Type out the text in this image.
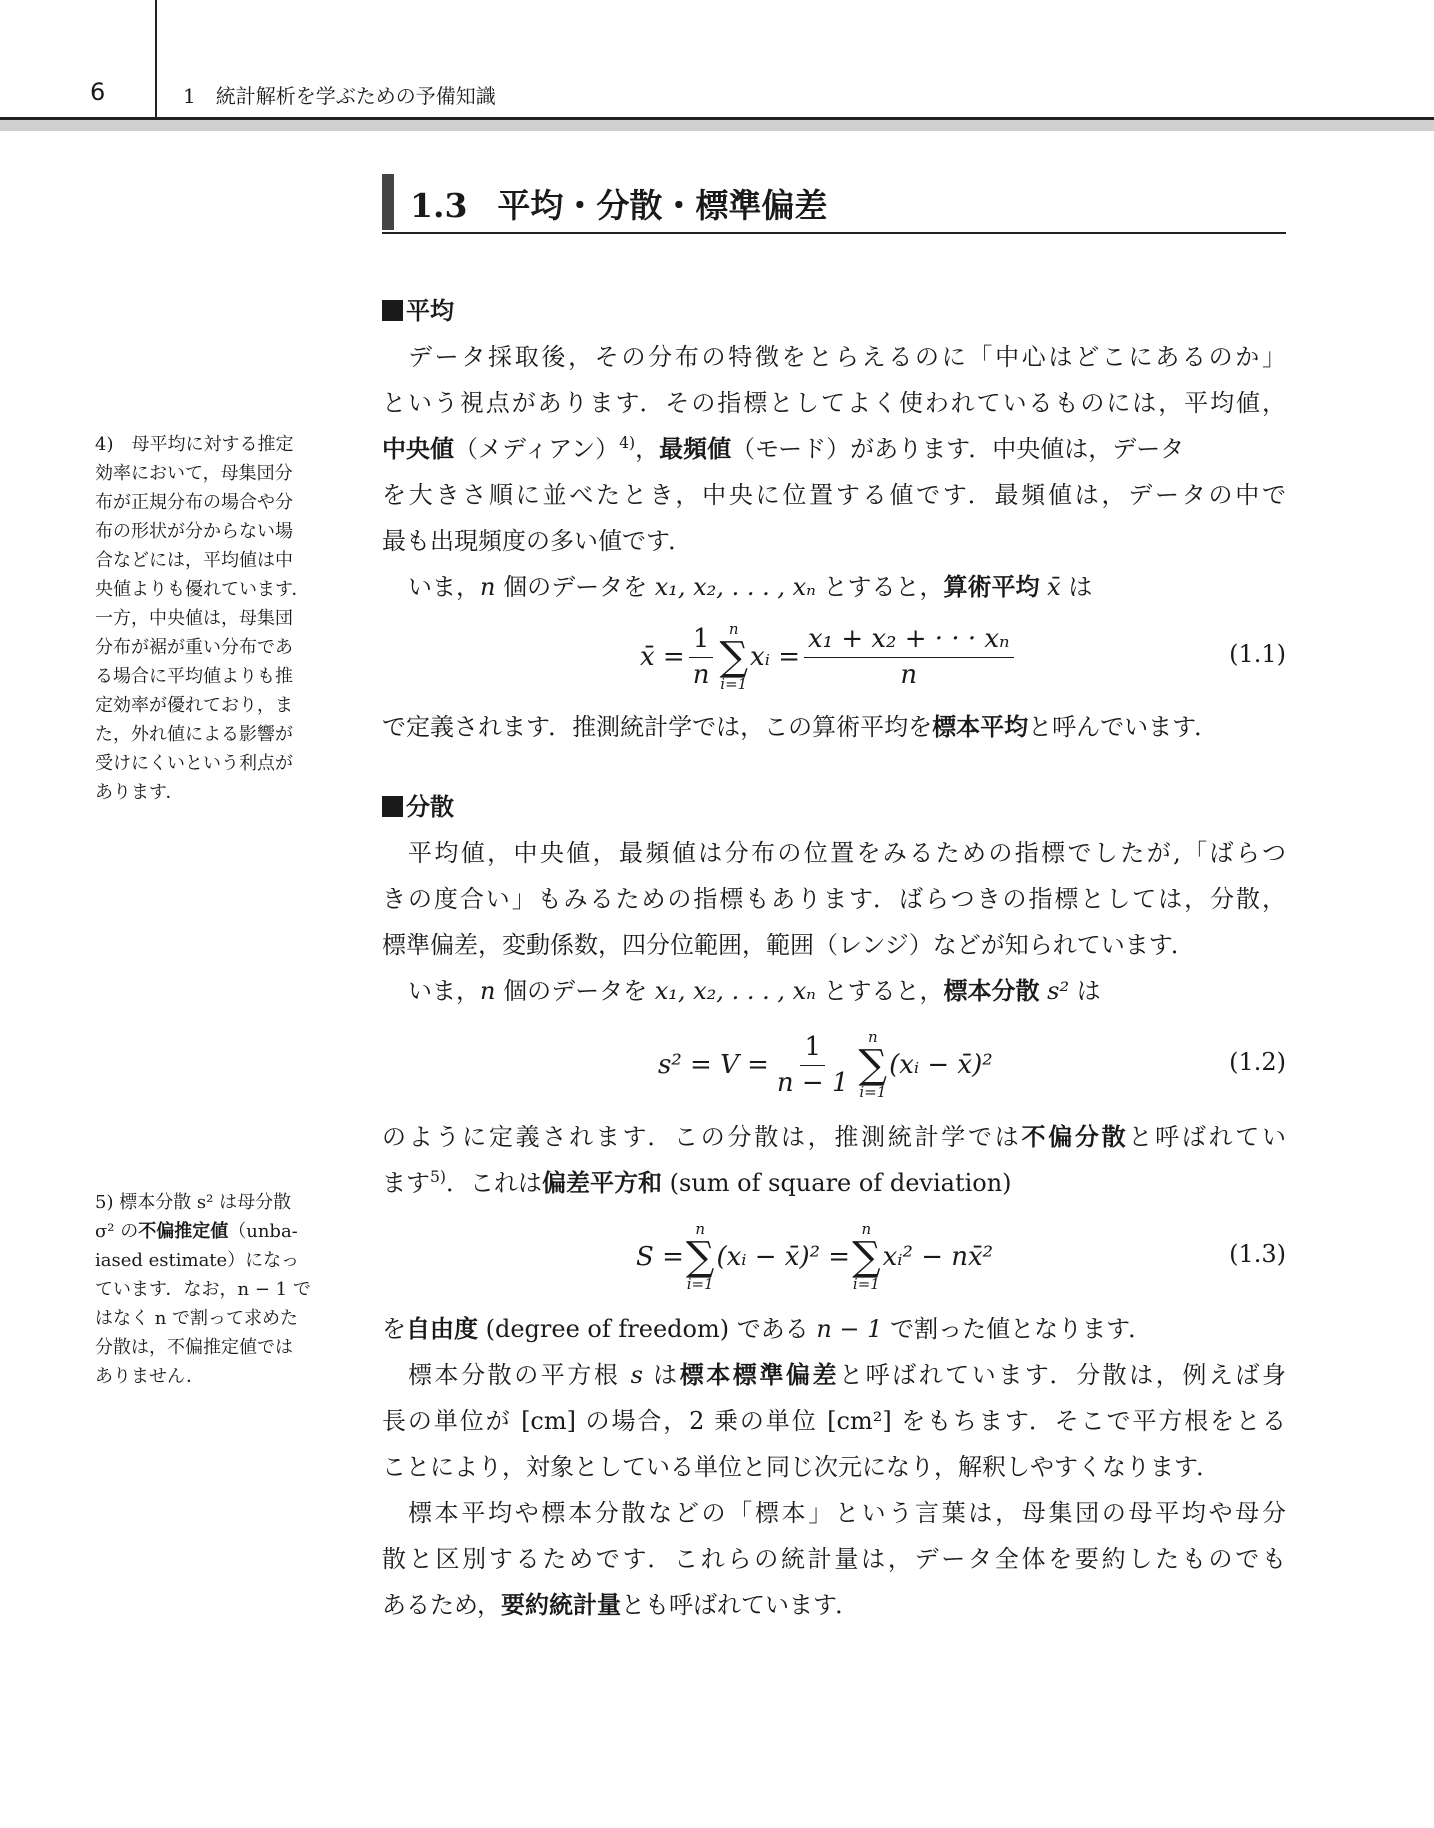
6	1　統計解析を学ぶための予備知識
1.3 平均・分散・標準偏差
平均
データ採取後，その分布の特徴をとらえるのに「中心はどこにあるのか」
という視点があります．その指標としてよく使われているものには，平均値，
中央値（メディアン）$^{4)}$，最頻値（モード）があります．中央値は，データ
を大きさ順に並べたとき，中央に位置する値です．最頻値は，データの中で
最も出現頻度の多い値です．
いま，n 個のデータを x₁, x₂, . . . , xₙ とすると，算術平均 x̄ は
x̄ = $\frac{1}{n}$ n
∑
i=1
xᵢ = $\frac{\text{x₁ + x₂ + · · · xₙ}}{n}$	(1.1)
で定義されます．推測統計学では，この算術平均を標本平均と呼んでいます．
分散
平均値，中央値，最頻値は分布の位置をみるための指標でしたが,「ばらつ
きの度合い」もみるための指標もあります．ばらつきの指標としては，分散，
標準偏差，変動係数，四分位範囲，範囲（レンジ）などが知られています．
いま，n 個のデータを x₁, x₂, . . . , xₙ とすると，標本分散 s² は
$s^2 = V = \frac{1}{n - 1}$ n
∑
i=1
(xᵢ − x̄)²	(1.2)
のように定義されます．この分散は，推測統計学では不偏分散と呼ばれてい
ます$^{5)}$．これは偏差平方和 (sum of square of deviation)
S =
n
∑
i=1
(xᵢ − x̄)² =
n
∑
i=1
xᵢ² − nx̄²	(1.3)
を自由度 (degree of freedom) である n − 1 で割った値となります．
標本分散の平方根 s は標本標準偏差と呼ばれています．分散は，例えば身
長の単位が [cm] の場合，2 乗の単位 [cm²] をもちます．そこで平方根をとる
ことにより，対象としている単位と同じ次元になり，解釈しやすくなります．
標本平均や標本分散などの「標本」という言葉は，母集団の母平均や母分
散と区別するためです．これらの統計量は，データ全体を要約したものでも
あるため，要約統計量とも呼ばれています．
4)　母平均に対する推定
効率において，母集団分
布が正規分布の場合や分
布の形状が分からない場
合などには，平均値は中
央値よりも優れています．
一方，中央値は，母集団
分布が裾が重い分布であ
る場合に平均値よりも推
定効率が優れており，ま
た，外れ値による影響が
受けにくいという利点が
あります．
5) 標本分散 s² は母分散
σ² の不偏推定値（unba-
iased estimate）になっ
ています．なお，n − 1 で
はなく n で割って求めた
分散は，不偏推定値では
ありません．
